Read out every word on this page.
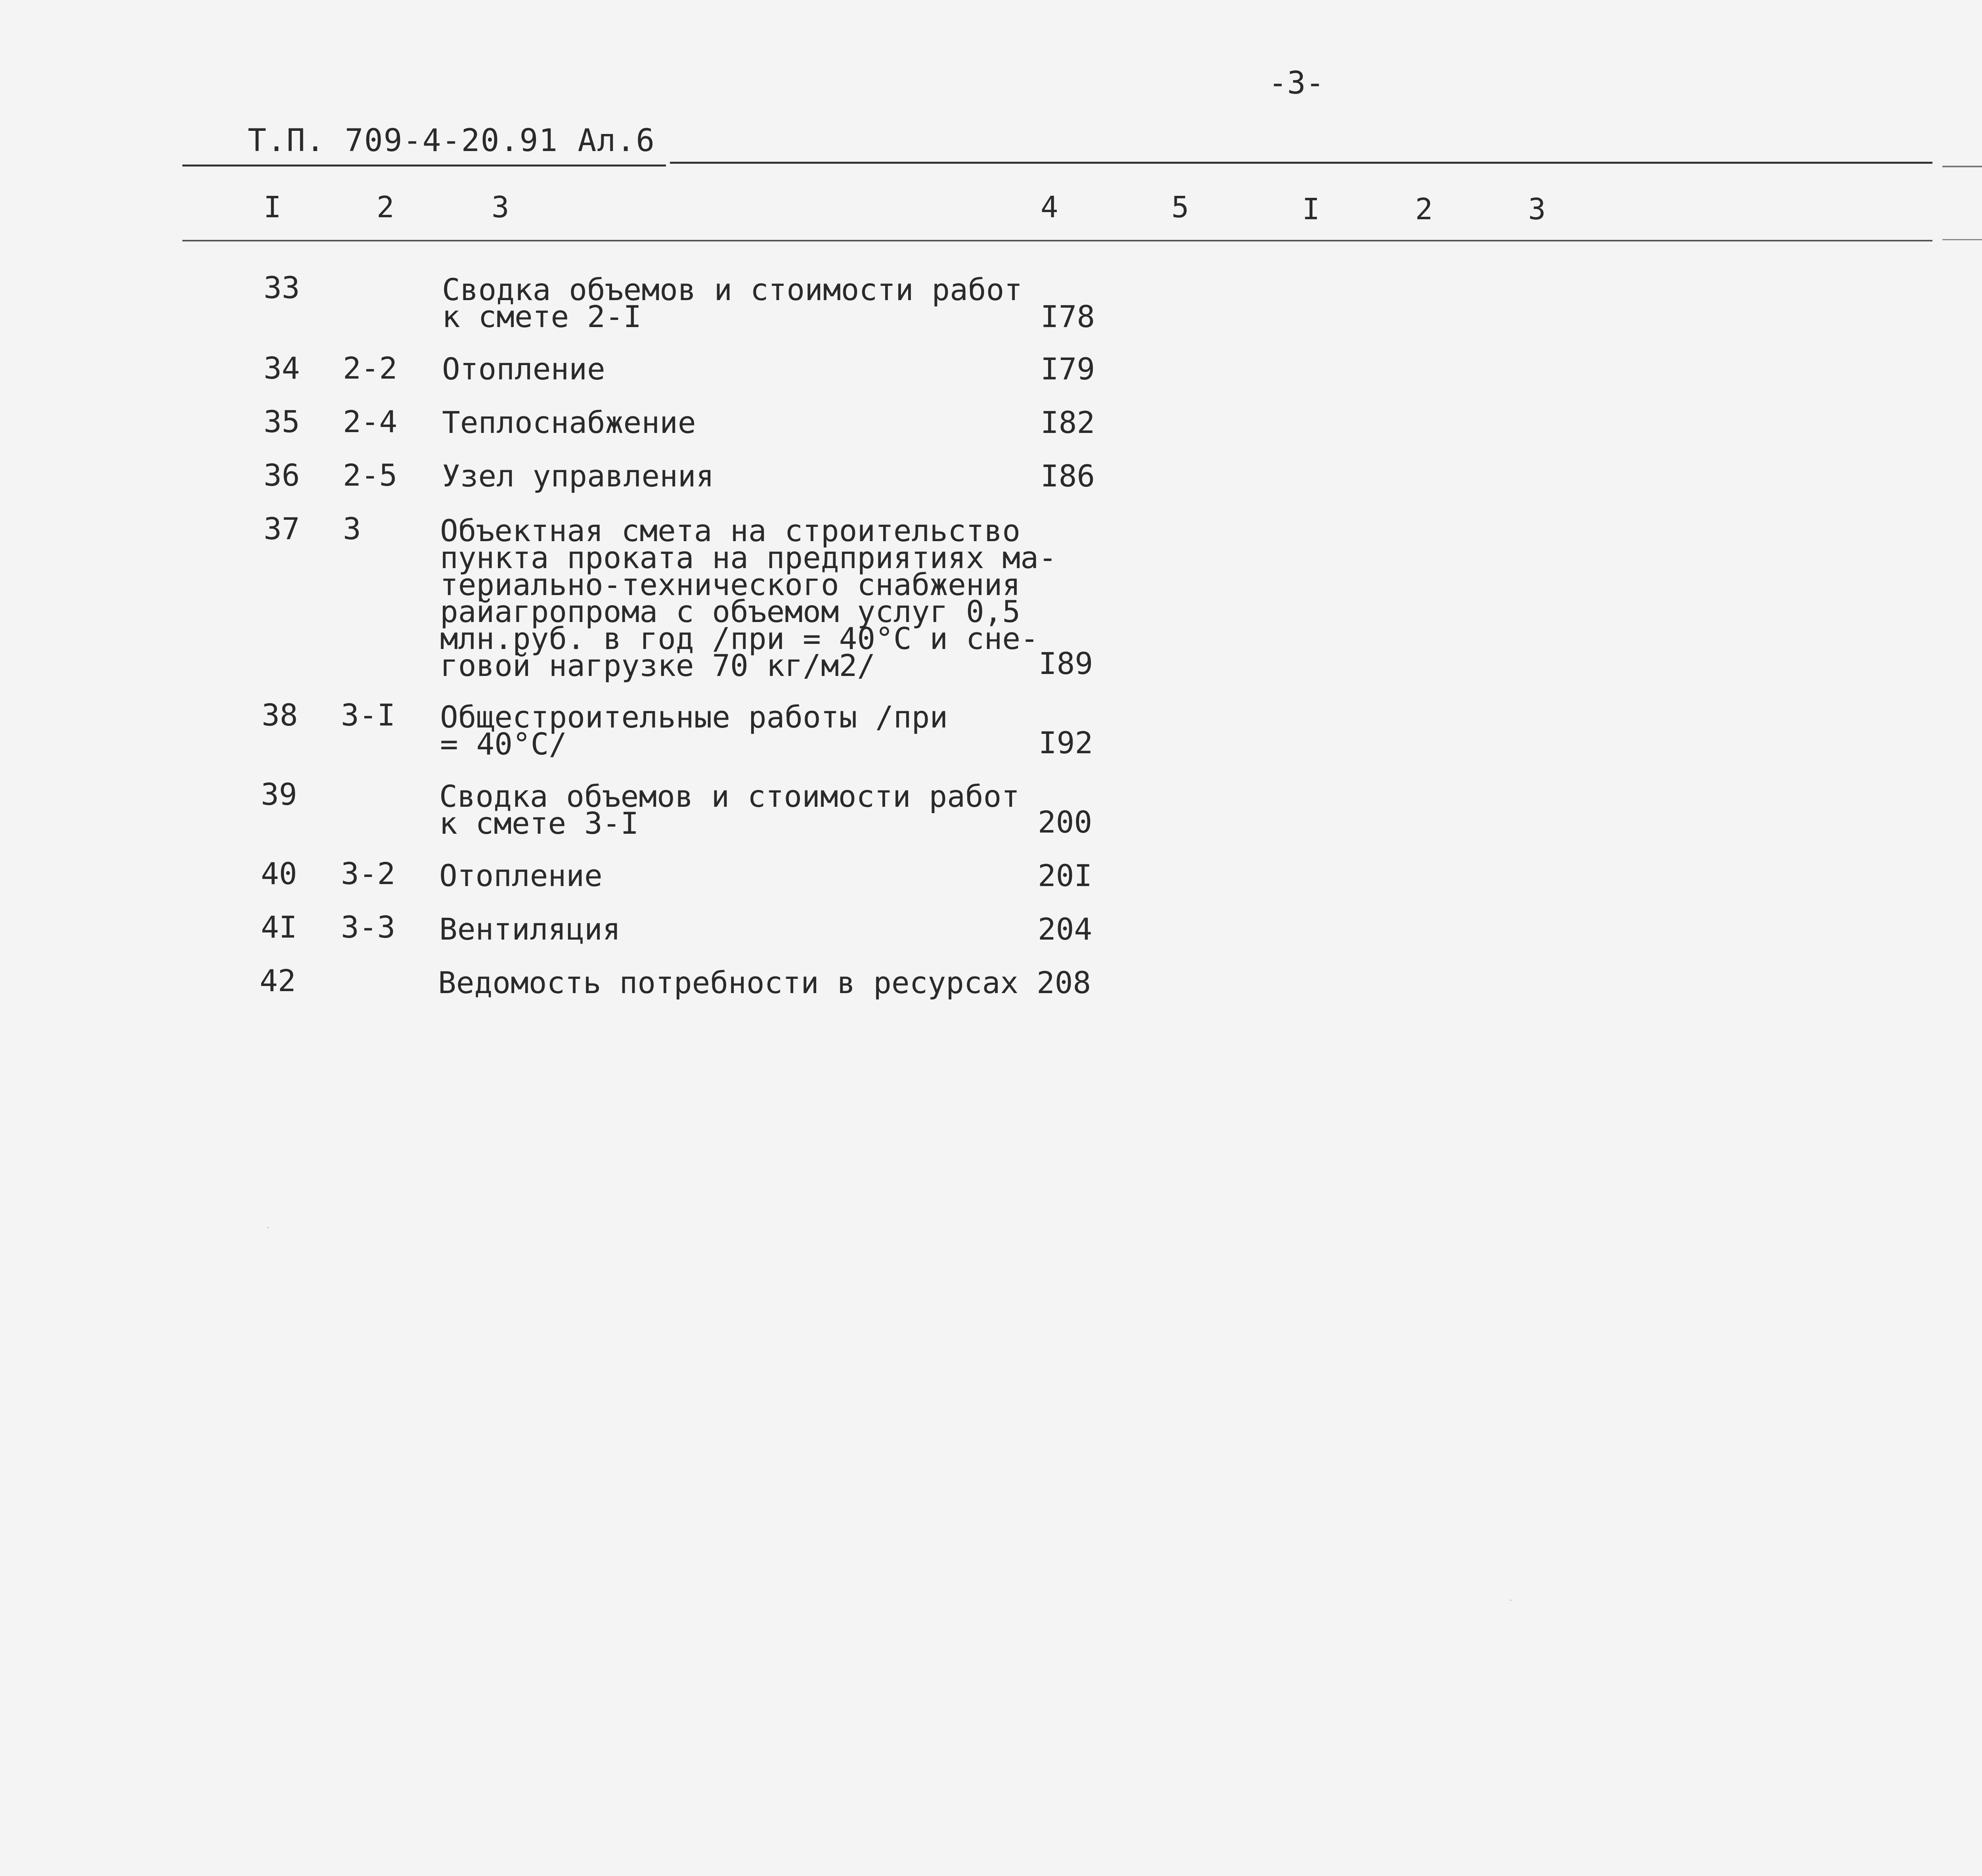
-3-
Т.П. 709-4-20.91 Ал.6
I	2	3	4	5	I	2	3
33	Сводка объемов и стоимости работ
к смете 2-I	I78
34 2-2 Отопление	I79
35 2-4 Теплоснабжение	I82
36 2-5 Узел управления	I86
37 3	Объектная смета на строительство
пункта проката на предприятиях ма-
териально-технического снабжения
райагропрома с объемом услуг 0,5
млн.руб. в год /при = 40°C и сне-
говой нагрузке 70 кг/м2/	I89
38 3-I Общестроительные работы /при
= 40°C/	I92
39	Сводка объемов и стоимости работ
к смете 3-I	200
40 3-2 Отопление	20I
4I 3-3 Вентиляция	204
42	Ведомость потребности в ресурсах 208
